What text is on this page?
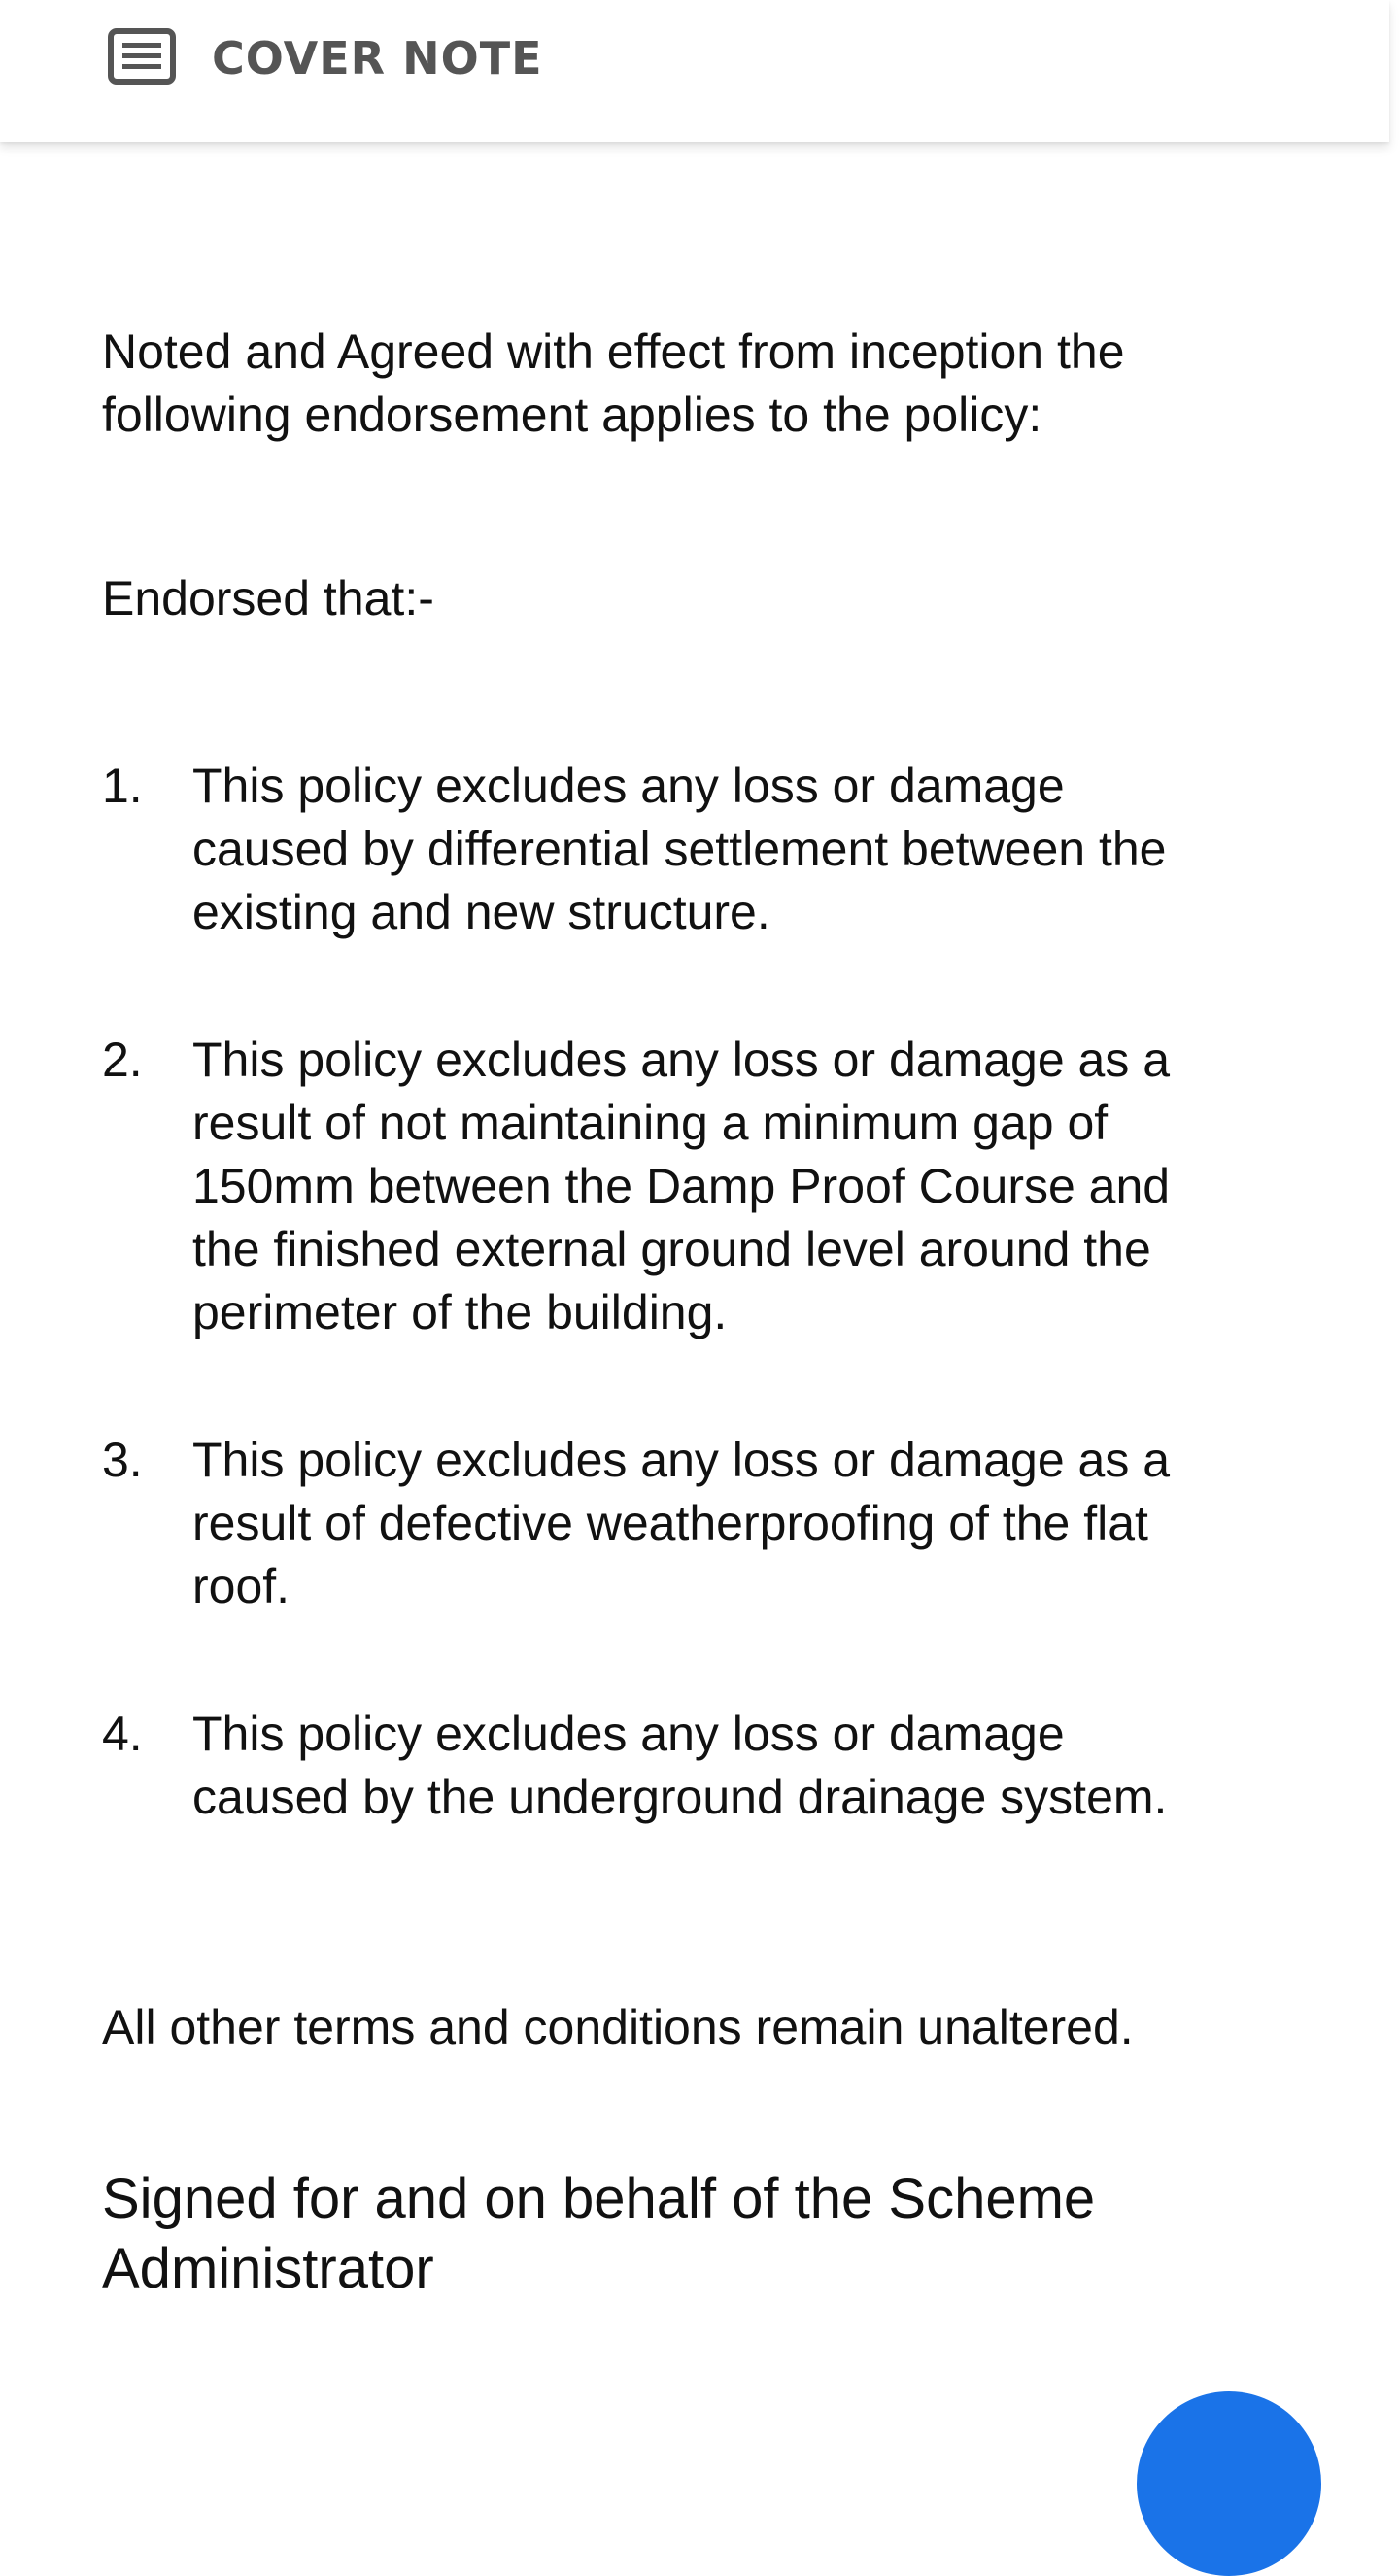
COVER NOTE

Noted and Agreed with effect from inception the following endorsement applies to the policy:

Endorsed that:-

1.	This policy excludes any loss or damage caused by differential settlement between the existing and new structure.
2.	This policy excludes any loss or damage as a result of not maintaining a minimum gap of 150mm between the Damp Proof Course and the finished external ground level around the perimeter of the building.
3.	This policy excludes any loss or damage as a result of defective weatherproofing of the flat roof.
4.	This policy excludes any loss or damage caused by the underground drainage system.

All other terms and conditions remain unaltered.

Signed for and on behalf of the Scheme Administrator
